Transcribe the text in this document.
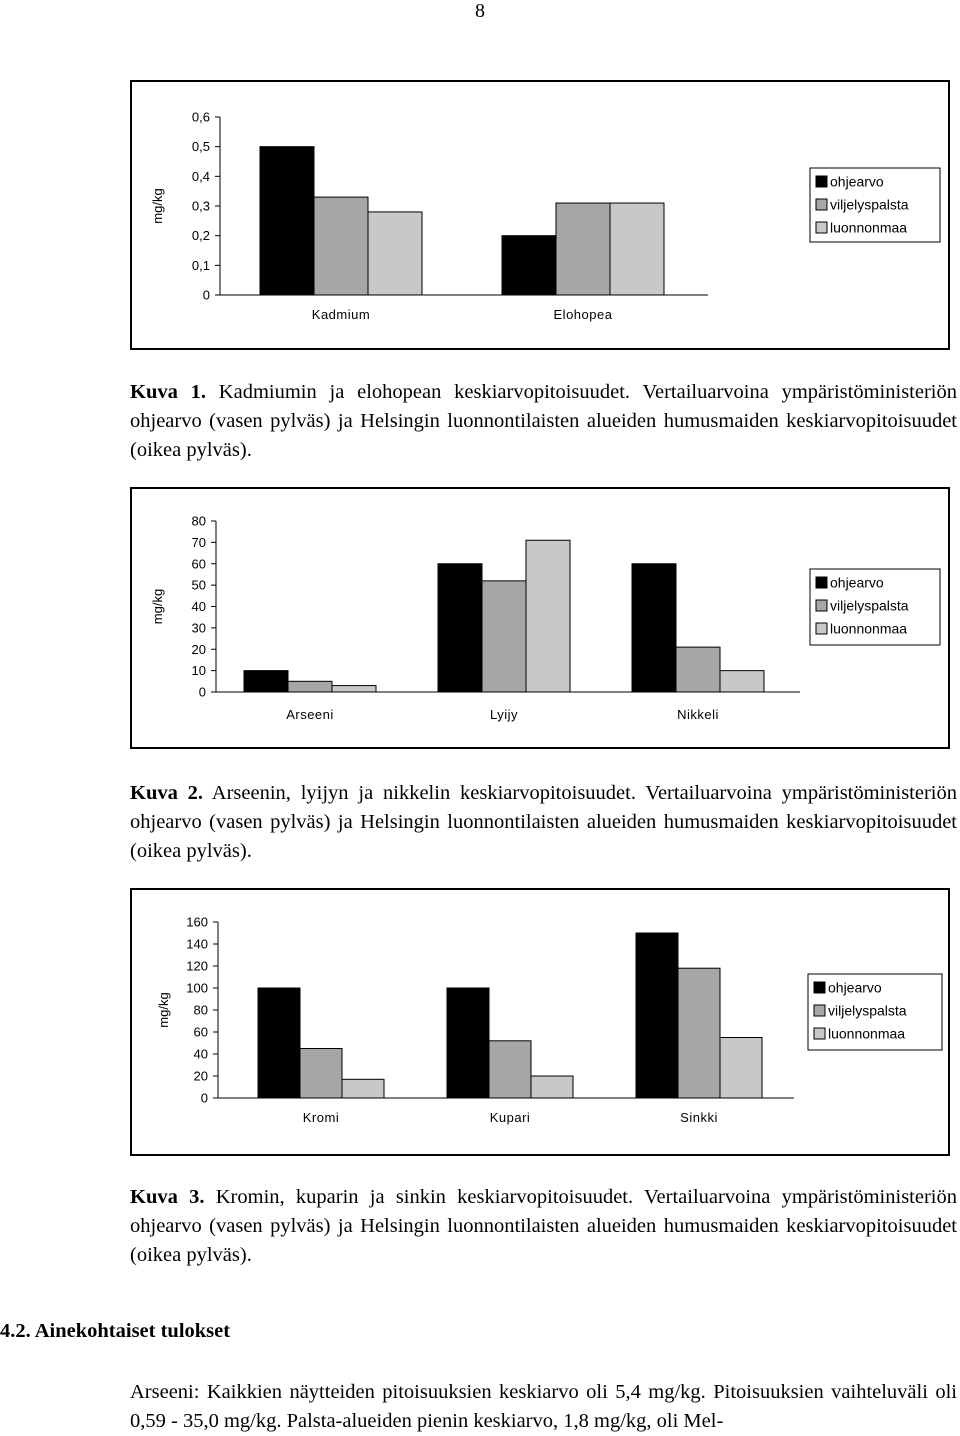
8
0,6
0,5
0,4
0,3
0,2
0,1
0
mg/kg
Kadmium	Elohopea
ohjearvo
viljelyspalsta
luonnonmaa
Kuva 1. Kadmiumin ja elohopean keskiarvopitoisuudet. Vertailuarvoina ympäristöministeriön ohjearvo (vasen pylväs) ja Helsingin luonnontilaisten alueiden humusmaiden keskiarvopitoisuudet (oikea pylväs).
80
70
60
50
40
30
20
10
0
mg/kg
Arseeni	Lyijy	Nikkeli
ohjearvo
viljelyspalsta
luonnonmaa
Kuva 2. Arseenin, lyijyn ja nikkelin keskiarvopitoisuudet. Vertailuarvoina ympäristöministeriön ohjearvo (vasen pylväs) ja Helsingin luonnontilaisten alueiden humusmaiden keskiarvopitoisuudet (oikea pylväs).
160
140
120
100
80
60
40
20
0
mg/kg
Kromi	Kupari	Sinkki
ohjearvo
viljelyspalsta
luonnonmaa
Kuva 3. Kromin, kuparin ja sinkin keskiarvopitoisuudet. Vertailuarvoina ympäristöministeriön ohjearvo (vasen pylväs) ja Helsingin luonnontilaisten alueiden humusmaiden keskiarvopitoisuudet (oikea pylväs).
4.2. Ainekohtaiset tulokset
Arseeni: Kaikkien näytteiden pitoisuuksien keskiarvo oli 5,4 mg/kg. Pitoisuuksien vaihteluväli oli 0,59 - 35,0 mg/kg. Palsta-alueiden pienin keskiarvo, 1,8 mg/kg, oli Mel-
